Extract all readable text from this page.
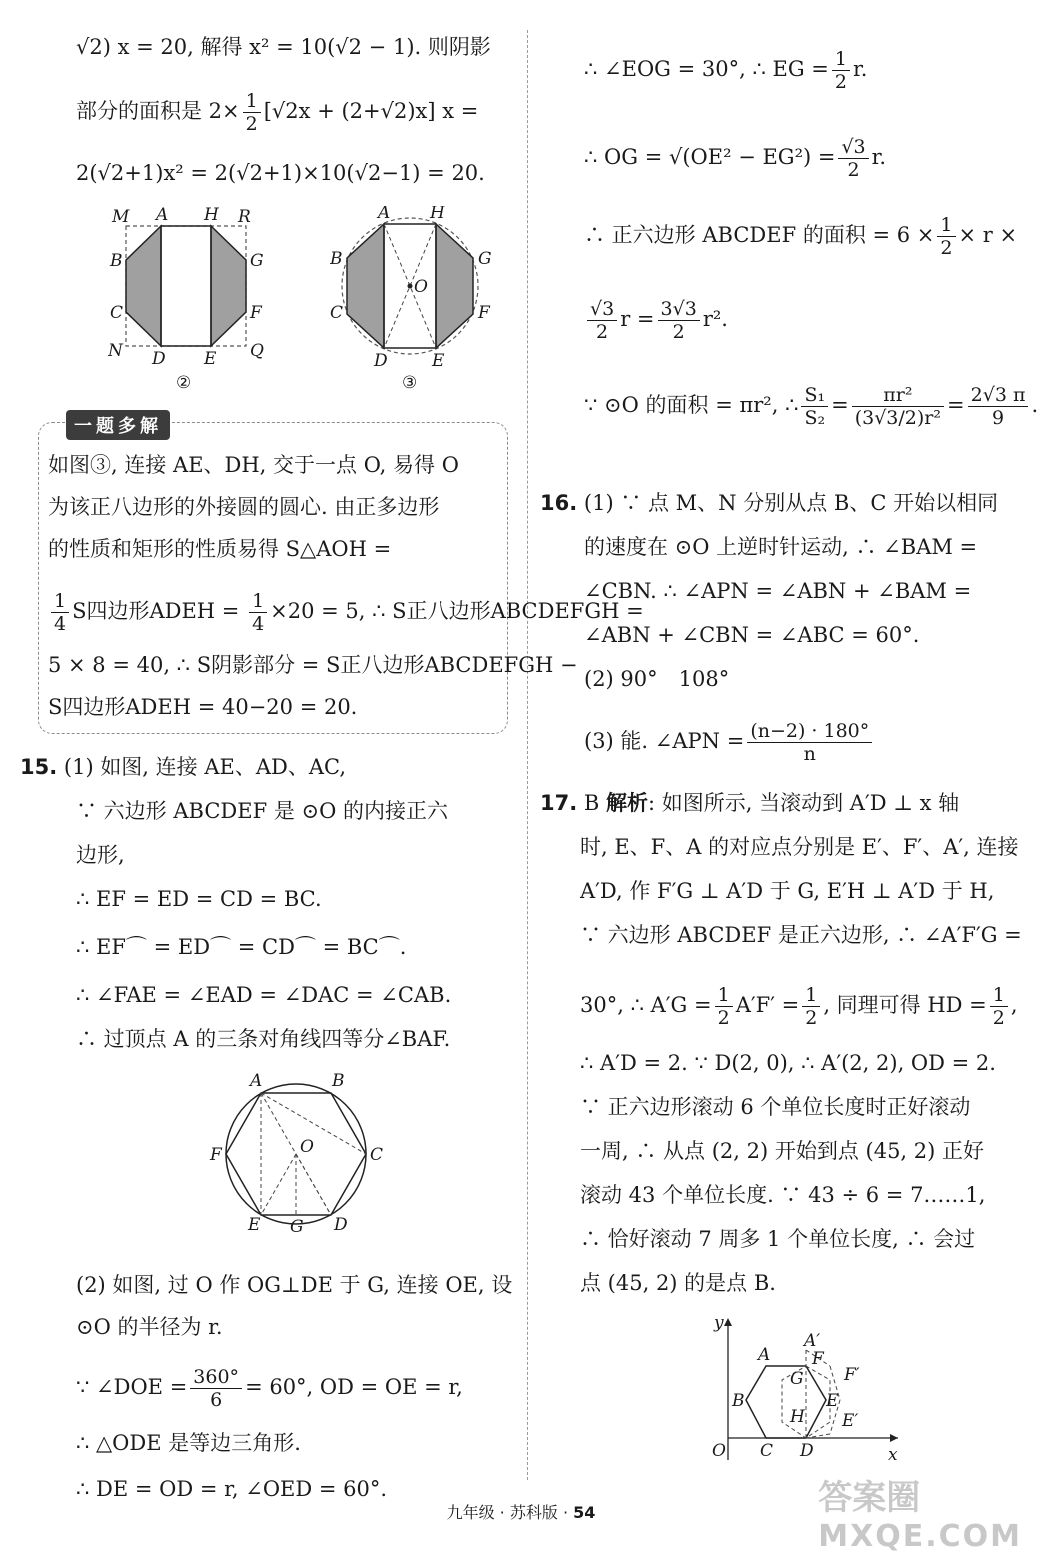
√2) x = 20, 解得 x² = 10(√2 − 1). 则阴影
部分的面积是 $2\times \frac{1}{2} [√2x + (2+√2)x] x$ =
2(√2+1)x² = 2(√2+1)×10(√2−1) = 20.
M A H R
B	G
C	F
N D E Q
②
A H
B	G
O
C	F
D	E
③
一题多解
如图③, 连接 AE、DH, 交于一点 O, 易得 O
为该正八边形的外接圆的圆心. 由正多边形
的性质和矩形的性质易得 S△AOH =
$\frac{1}{4}$ S四边形ADEH = $\frac{1}{4} \times 20 = 5$, ∴ S正八边形ABCDEFGH =
5 × 8 = 40, ∴ S阴影部分 = S正八边形ABCDEFGH −
S四边形ADEH = 40−20 = 20.
15. (1) 如图, 连接 AE、AD、AC,
∵ 六边形 ABCDEF 是 ⊙O 的内接正六
边形,
∴ EF = ED = CD = BC.
∴ EF⌒ = ED⌒ = CD⌒ = BC⌒.
∴ ∠FAE = ∠EAD = ∠DAC = ∠CAB.
∴ 过顶点 A 的三条对角线四等分∠BAF.
A	B
F	O	C
E G D
(2) 如图, 过 O 作 OG⊥DE 于 G, 连接 OE, 设
⊙O 的半径为 r.
∵ ∠DOE = $\frac{360^\circ}{6} = 60^\circ$, OD = OE = r,
∴ △ODE 是等边三角形.
∴ DE = OD = r, ∠OED = 60°.
∴ ∠EOG = 30°, ∴ EG = $\frac{1}{2} r$.
∴ OG = $√(OE^2 - EG^2) = \frac{√3}{2} r$.
∴ 正六边形 ABCDEF 的面积 = $6 \times \frac{1}{2} \times r$ ×
$\frac{√3}{2}$ $r = \frac{3√3}{2} r^2$.
∵ ⊙O 的面积 = πr², ∴ $\frac{\text{S₁}}{\text{S₂}} = \frac{\text{πr²}}{\text{(3√3/2)r²}} = \frac{2√3 \pi}{9}$ .
16. (1) ∵ 点 M、N 分别从点 B、C 开始以相同
的速度在 ⊙O 上逆时针运动, ∴ ∠BAM =
∠CBN. ∴ ∠APN = ∠ABN + ∠BAM =
∠ABN + ∠CBN = ∠ABC = 60°.
(2) 90°　108°
(3) 能. ∠APN = $\frac{(n-2) \cdot 180^\circ}{n}$
17. B 解析: 如图所示, 当滚动到 A′D ⊥ x 轴
时, E、F、A 的对应点分别是 E′、F′、A′, 连接
A′D, 作 F′G ⊥ A′D 于 G, E′H ⊥ A′D 于 H,
∵ 六边形 ABCDEF 是正六边形, ∴ ∠A′F′G =
30°, ∴ $A'G = \frac{1}{2} A'F' = \frac{1}{2}$ , 同理可得 HD = $\frac{1}{2}$ ,
∴ A′D = 2. ∵ D(2, 0), ∴ A′(2, 2), OD = 2.
∵ 正六边形滚动 6 个单位长度时正好滚动
一周, ∴ 从点 (2, 2) 开始到点 (45, 2) 正好
滚动 43 个单位长度. ∵ 43 ÷ 6 = 7……1,
∴ 恰好滚动 7 周多 1 个单位长度, ∴ 会过
点 (45, 2) 的是点 B.
y
A
A′
F
G F′
B	E
H E′
O C D	x
九年级 · 苏科版 · 54	答案圈
MXQE.COM
